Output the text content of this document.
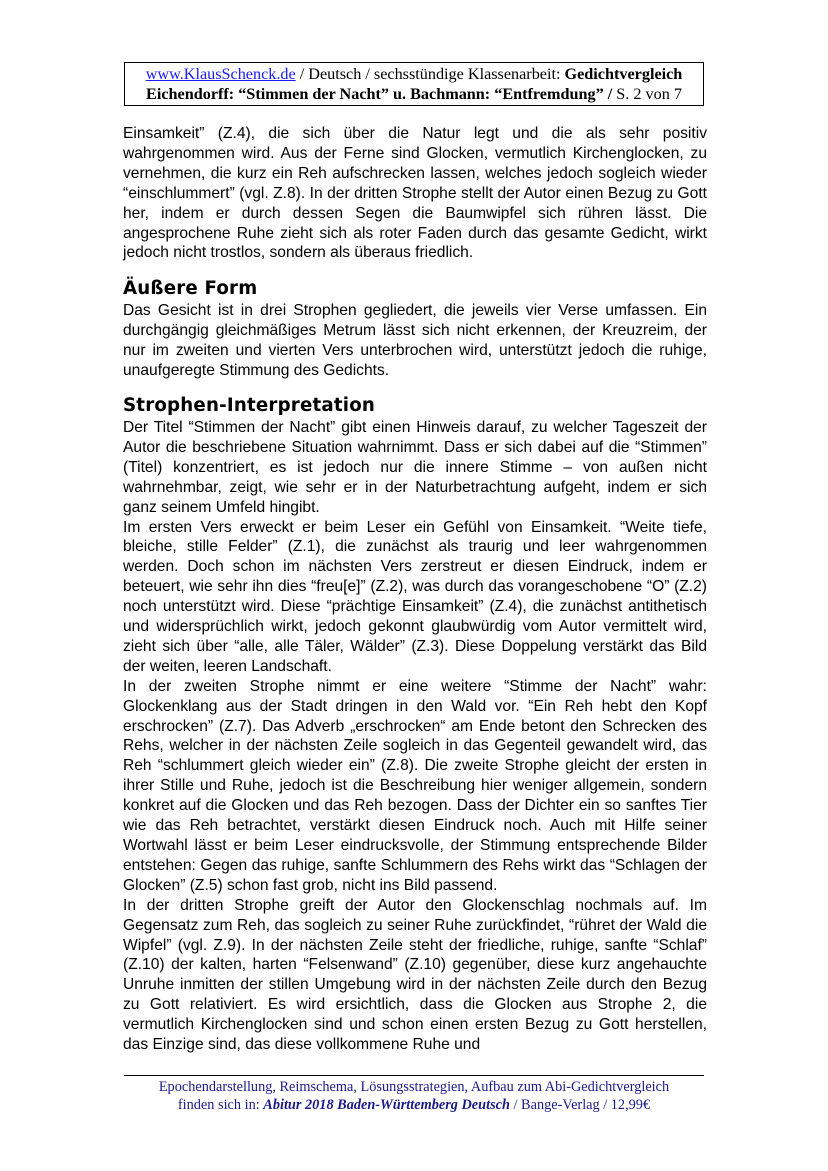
www.KlausSchenck.de / Deutsch / sechsstündige Klassenarbeit: Gedichtvergleich
Eichendorff: “Stimmen der Nacht” u. Bachmann: “Entfremdung” / S. 2 von 7

Einsamkeit” (Z.4), die sich über die Natur legt und die als sehr positiv wahrgenommen wird. Aus der Ferne sind Glocken, vermutlich Kirchenglocken, zu vernehmen, die kurz ein Reh aufschrecken lassen, welches jedoch sogleich wieder “einschlummert” (vgl. Z.8). In der dritten Strophe stellt der Autor einen Bezug zu Gott her, indem er durch dessen Segen die Baumwipfel sich rühren lässt. Die angesprochene Ruhe zieht sich als roter Faden durch das gesamte Gedicht, wirkt jedoch nicht trostlos, sondern als überaus friedlich.

Äußere Form

Das Gesicht ist in drei Strophen gegliedert, die jeweils vier Verse umfassen. Ein durchgängig gleichmäßiges Metrum lässt sich nicht erkennen, der Kreuzreim, der nur im zweiten und vierten Vers unterbrochen wird, unterstützt jedoch die ruhige, unaufgeregte Stimmung des Gedichts.

Strophen-Interpretation

Der Titel “Stimmen der Nacht” gibt einen Hinweis darauf, zu welcher Tageszeit der Autor die beschriebene Situation wahrnimmt. Dass er sich dabei auf die “Stimmen” (Titel) konzentriert, es ist jedoch nur die innere Stimme – von außen nicht wahrnehmbar, zeigt, wie sehr er in der Naturbetrachtung aufgeht, indem er sich ganz seinem Umfeld hingibt.

Im ersten Vers erweckt er beim Leser ein Gefühl von Einsamkeit. “Weite tiefe, bleiche, stille Felder” (Z.1), die zunächst als traurig und leer wahrgenommen werden. Doch schon im nächsten Vers zerstreut er diesen Eindruck, indem er beteuert, wie sehr ihn dies “freu[e]” (Z.2), was durch das vorangeschobene “O” (Z.2) noch unterstützt wird. Diese “prächtige Einsamkeit” (Z.4), die zunächst antithetisch und widersprüchlich wirkt, jedoch gekonnt glaubwürdig vom Autor vermittelt wird, zieht sich über “alle, alle Täler, Wälder” (Z.3). Diese Doppelung verstärkt das Bild der weiten, leeren Landschaft.

In der zweiten Strophe nimmt er eine weitere “Stimme der Nacht” wahr: Glockenklang aus der Stadt dringen in den Wald vor. “Ein Reh hebt den Kopf erschrocken” (Z.7). Das Adverb „erschrocken“ am Ende betont den Schrecken des Rehs, welcher in der nächsten Zeile sogleich in das Gegenteil gewandelt wird, das Reh “schlummert gleich wieder ein” (Z.8). Die zweite Strophe gleicht der ersten in ihrer Stille und Ruhe, jedoch ist die Beschreibung hier weniger allgemein, sondern konkret auf die Glocken und das Reh bezogen. Dass der Dichter ein so sanftes Tier wie das Reh betrachtet, verstärkt diesen Eindruck noch. Auch mit Hilfe seiner Wortwahl lässt er beim Leser eindrucksvolle, der Stimmung entsprechende Bilder entstehen: Gegen das ruhige, sanfte Schlummern des Rehs wirkt das “Schlagen der Glocken” (Z.5) schon fast grob, nicht ins Bild passend.

In der dritten Strophe greift der Autor den Glockenschlag nochmals auf. Im Gegensatz zum Reh, das sogleich zu seiner Ruhe zurückfindet, “rühret der Wald die Wipfel” (vgl. Z.9). In der nächsten Zeile steht der friedliche, ruhige, sanfte “Schlaf” (Z.10) der kalten, harten “Felsenwand” (Z.10) gegenüber, diese kurz angehauchte Unruhe inmitten der stillen Umgebung wird in der nächsten Zeile durch den Bezug zu Gott relativiert. Es wird ersichtlich, dass die Glocken aus Strophe 2, die vermutlich Kirchenglocken sind und schon einen ersten Bezug zu Gott herstellen, das Einzige sind, das diese vollkommene Ruhe und

Epochendarstellung, Reimschema, Lösungsstrategien, Aufbau zum Abi-Gedichtvergleich
finden sich in: Abitur 2018 Baden-Württemberg Deutsch / Bange-Verlag / 12,99€
